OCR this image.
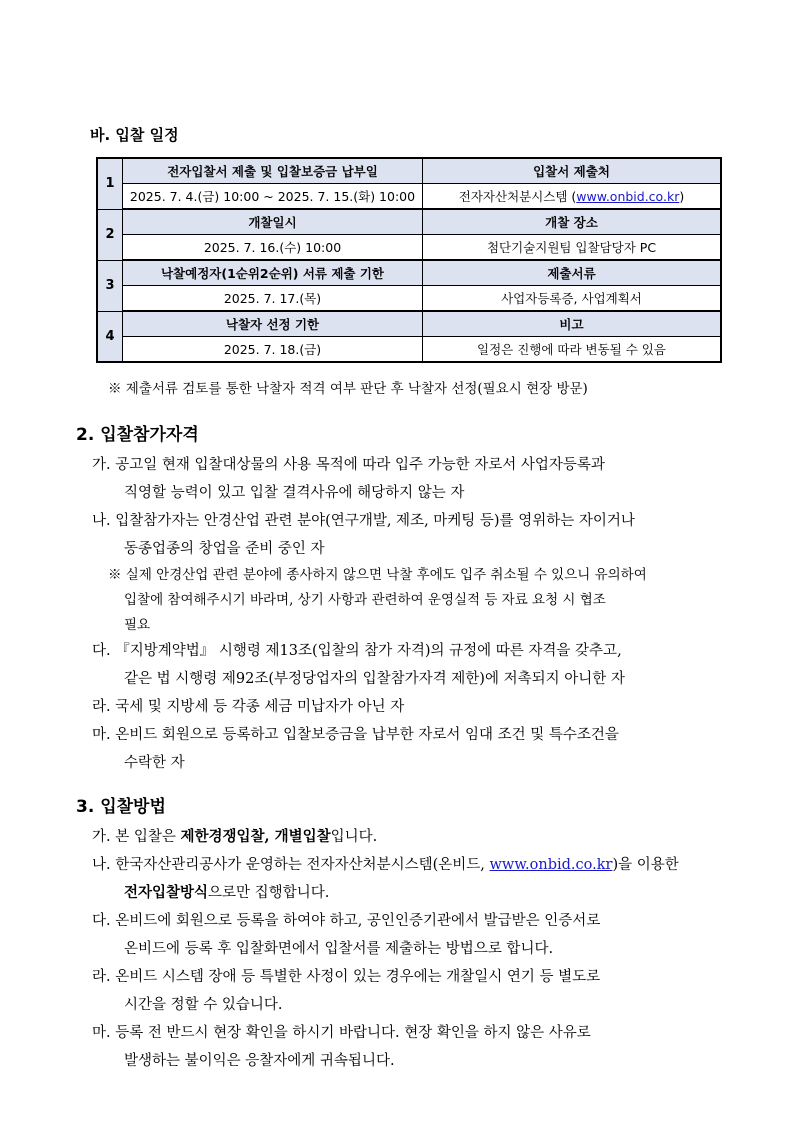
바. 입찰 일정
1	전자입찰서 제출 및 입찰보증금 납부일	입찰서 제출처
	2025. 7. 4.(금) 10:00 ~ 2025. 7. 15.(화) 10:00	전자자산처분시스템 (www.onbid.co.kr)
2	개찰일시	개찰 장소
	2025. 7. 16.(수) 10:00	첨단기술지원팀 입찰담당자 PC
3	낙찰예정자(1순위2순위) 서류 제출 기한	제출서류
	2025. 7. 17.(목)	사업자등록증, 사업계획서
4	낙찰자 선정 기한	비고
	2025. 7. 18.(금)	일정은 진행에 따라 변동될 수 있음
※ 제출서류 검토를 통한 낙찰자 적격 여부 판단 후 낙찰자 선정(필요시 현장 방문)
2. 입찰참가자격
가. 공고일 현재 입찰대상물의 사용 목적에 따라 입주 가능한 자로서 사업자등록과
직영할 능력이 있고 입찰 결격사유에 해당하지 않는 자
나. 입찰참가자는 안경산업 관련 분야(연구개발, 제조, 마케팅 등)를 영위하는 자이거나
동종업종의 창업을 준비 중인 자
※ 실제 안경산업 관련 분야에 종사하지 않으면 낙찰 후에도 입주 취소될 수 있으니 유의하여
입찰에 참여해주시기 바라며, 상기 사항과 관련하여 운영실적 등 자료 요청 시 협조
필요
다. 『지방계약법』 시행령 제13조(입찰의 참가 자격)의 규정에 따른 자격을 갖추고,
같은 법 시행령 제92조(부정당업자의 입찰참가자격 제한)에 저촉되지 아니한 자
라. 국세 및 지방세 등 각종 세금 미납자가 아닌 자
마. 온비드 회원으로 등록하고 입찰보증금을 납부한 자로서 임대 조건 및 특수조건을
수락한 자
3. 입찰방법
가. 본 입찰은 제한경쟁입찰, 개별입찰입니다.
나. 한국자산관리공사가 운영하는 전자자산처분시스템(온비드, www.onbid.co.kr)을 이용한
전자입찰방식으로만 집행합니다.
다. 온비드에 회원으로 등록을 하여야 하고, 공인인증기관에서 발급받은 인증서로
온비드에 등록 후 입찰화면에서 입찰서를 제출하는 방법으로 합니다.
라. 온비드 시스템 장애 등 특별한 사정이 있는 경우에는 개찰일시 연기 등 별도로
시간을 정할 수 있습니다.
마. 등록 전 반드시 현장 확인을 하시기 바랍니다. 현장 확인을 하지 않은 사유로
발생하는 불이익은 응찰자에게 귀속됩니다.
